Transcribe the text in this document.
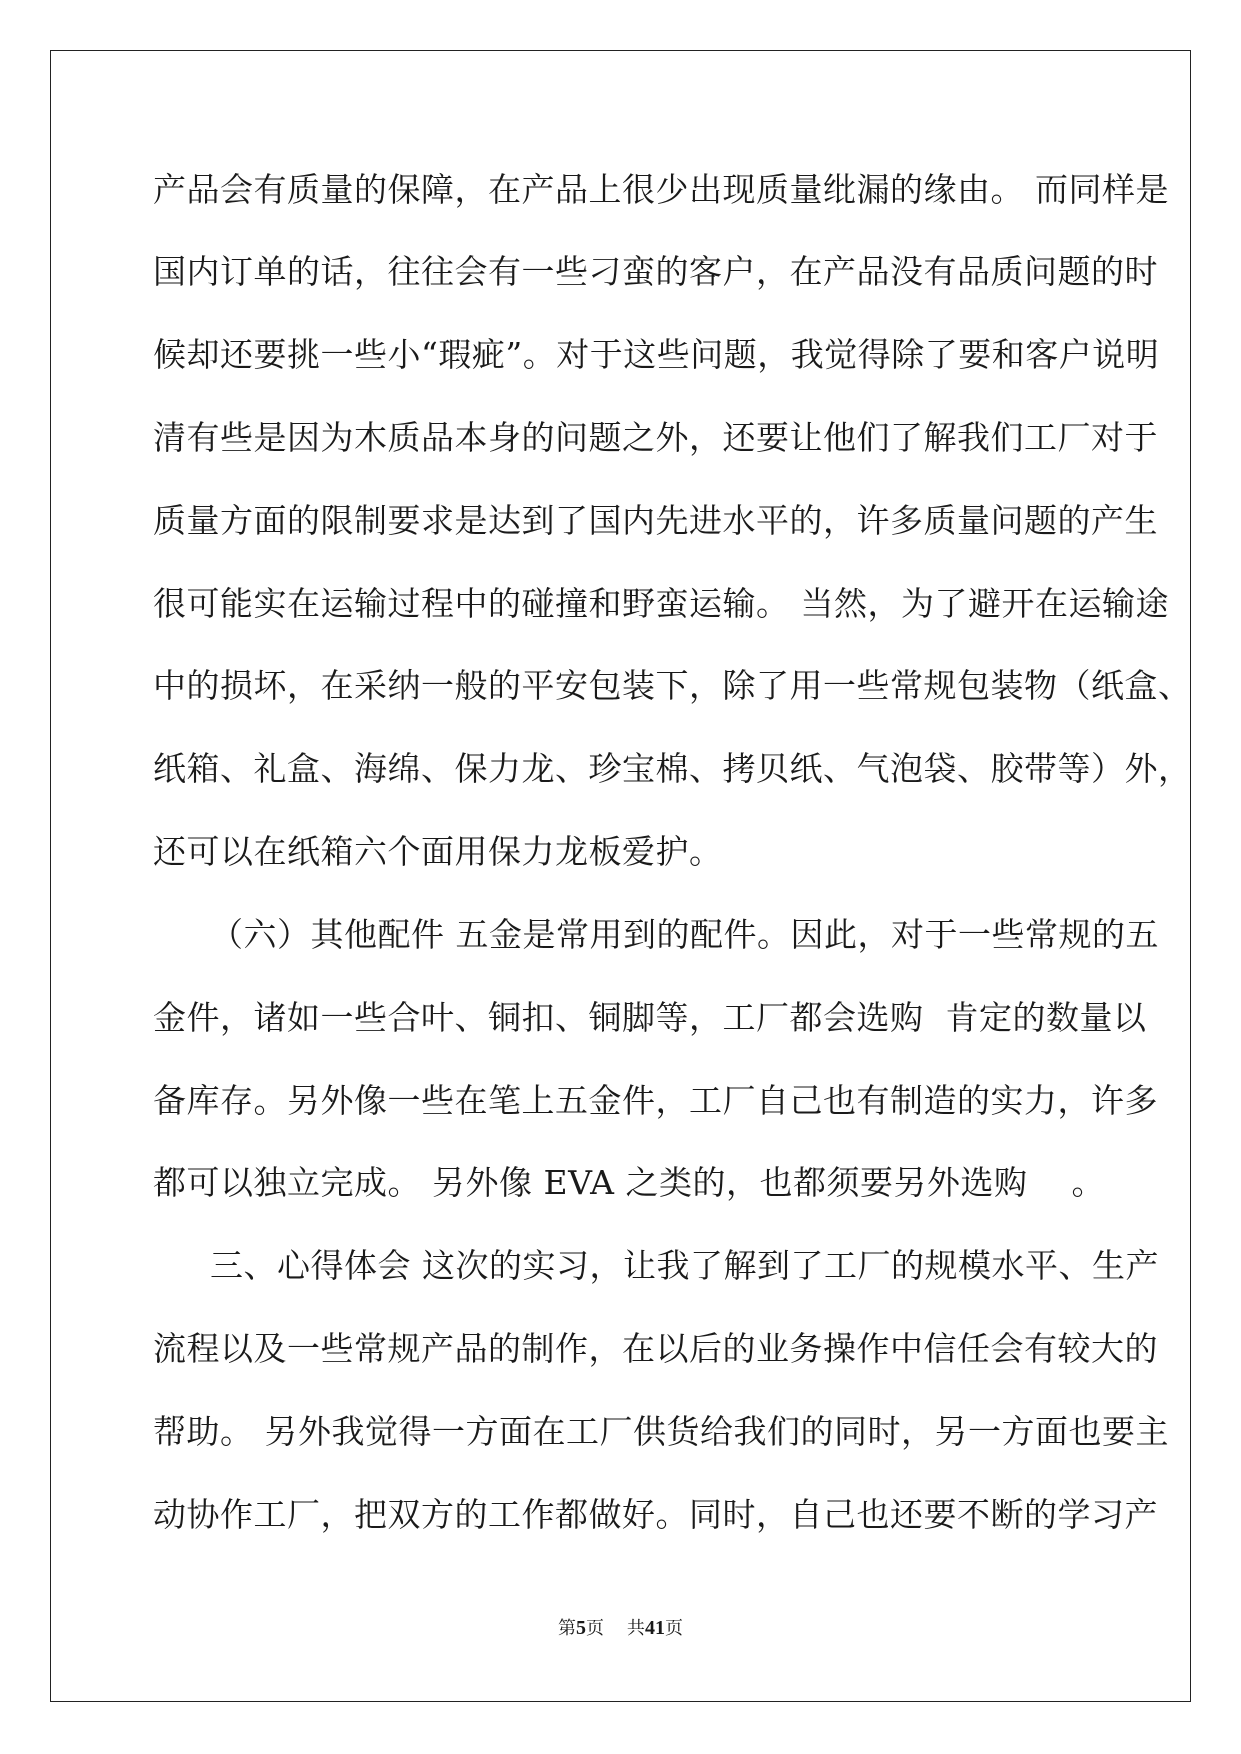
产品会有质量的保障，在产品上很少出现质量纰漏的缘由。 而同样是
国内订单的话，往往会有一些刁蛮的客户，在产品没有品质问题的时
候却还要挑一些小“瑕疵”。对于这些问题，我觉得除了要和客户说明
清有些是因为木质品本身的问题之外，还要让他们了解我们工厂对于
质量方面的限制要求是达到了国内先进水平的，许多质量问题的产生
很可能实在运输过程中的碰撞和野蛮运输。 当然，为了避开在运输途
中的损坏，在采纳一般的平安包装下，除了用一些常规包装物（纸盒、
纸箱、礼盒、海绵、保力龙、珍宝棉、拷贝纸、气泡袋、胶带等）外，
还可以在纸箱六个面用保力龙板爱护。
（六）其他配件 五金是常用到的配件。因此，对于一些常规的五
金件，诸如一些合叶、铜扣、铜脚等，工厂都会选购  肯定的数量以
备库存。另外像一些在笔上五金件，工厂自己也有制造的实力，许多
都可以独立完成。 另外像 EVA 之类的，也都须要另外选购    。
三、心得体会 这次的实习，让我了解到了工厂的规模水平、生产
流程以及一些常规产品的制作，在以后的业务操作中信任会有较大的
帮助。 另外我觉得一方面在工厂供货给我们的同时，另一方面也要主
动协作工厂，把双方的工作都做好。同时，自己也还要不断的学习产
第5页    共41页
